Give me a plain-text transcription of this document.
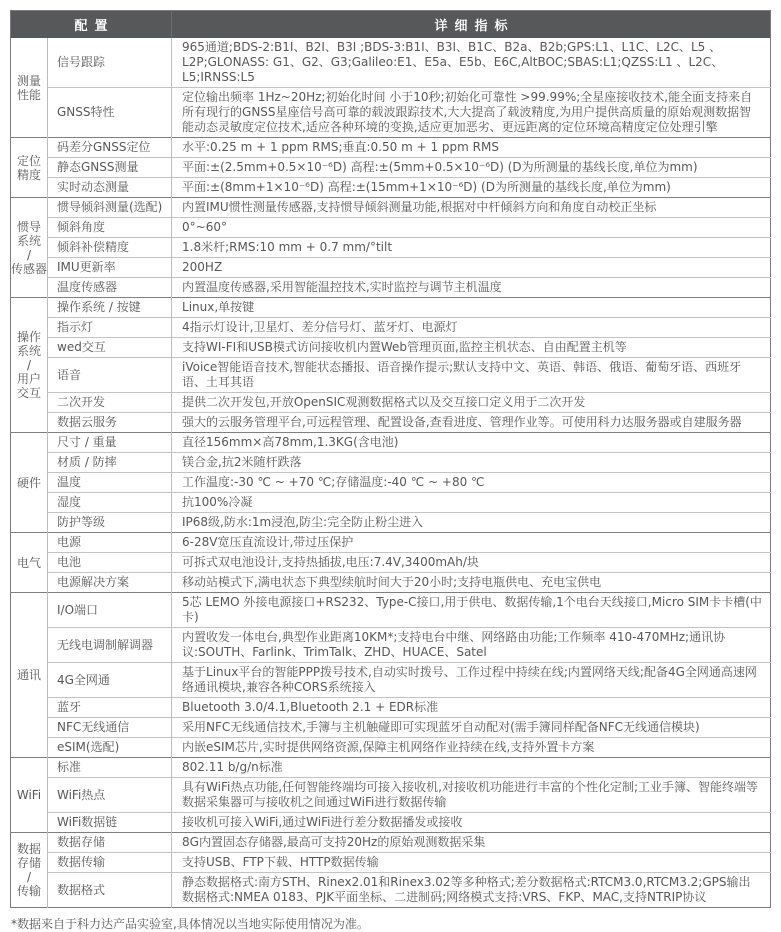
配置		详细指标

测量
性能	信号跟踪	965通道;BDS-2:B1I、B2I、B3I ;BDS-3:B1I、B3I、B1C、B2a、B2b;GPS:L1、L1C、L2C、L5 、L2P;GLONASS: G1、G2、G3;Galileo:E1、E5a、E5b、E6C,AltBOC;SBAS:L1;QZSS:L1 、L2C、L5;IRNSS:L5
	GNSS特性	定位输出频率 1Hz~20Hz;初始化时间 小于10秒;初始化可靠性 >99.99%;全星座接收技术,能全面支持来自所有现行的GNSS星座信号高可靠的载波跟踪技术,大大提高了载波精度,为用户提供高质量的原始观测数据智能动态灵敏度定位技术,适应各种环境的变换,适应更加恶劣、更远距离的定位环境高精度定位处理引擎

定位
精度	码差分GNSS定位	水平:0.25 m + 1 ppm RMS;垂直:0.50 m + 1 ppm RMS
	静态GNSS测量	平面:±(2.5mm+0.5×10⁻⁶D) 高程:±(5mm+0.5×10⁻⁶D) (D为所测量的基线长度,单位为mm)
	实时动态测量	平面:±(8mm+1×10⁻⁶D) 高程:±(15mm+1×10⁻⁶D) (D为所测量的基线长度,单位为mm)

惯导
系统
/
传感器	惯导倾斜测量(选配)	内置IMU惯性测量传感器,支持惯导倾斜测量功能,根据对中杆倾斜方向和角度自动校正坐标
	倾斜角度	0°~60°
	倾斜补偿精度	1.8米杆;RMS:10 mm + 0.7 mm/°tilt
	IMU更新率	200HZ
	温度传感器	内置温度传感器,采用智能温控技术,实时监控与调节主机温度

操作
系统
/
用户
交互	操作系统 / 按键	Linux,单按键
	指示灯	4指示灯设计,卫星灯、差分信号灯、蓝牙灯、电源灯
	wed交互	支持WI-FI和USB模式访问接收机内置Web管理页面,监控主机状态、自由配置主机等
	语音	iVoice智能语音技术,智能状态播报、语音操作提示;默认支持中文、英语、韩语、俄语、葡萄牙语、西班牙语、土耳其语
	二次开发	提供二次开发包,开放OpenSIC观测数据格式以及交互接口定义用于二次开发
	数据云服务	强大的云服务管理平台,可远程管理、配置设备,查看进度、管理作业等。可使用科力达服务器或自建服务器

硬件	尺寸 / 重量	直径156mm×高78mm,1.3KG(含电池)
	材质 / 防摔	镁合金,抗2米随杆跌落
	温度	工作温度:-30 ℃ ~ +70 ℃;存储温度:-40 ℃ ~ +80 ℃
	湿度	抗100%冷凝
	防护等级	IP68级,防水:1m浸泡,防尘:完全防止粉尘进入

电气	电源	6-28V宽压直流设计,带过压保护
	电池	可拆式双电池设计,支持热插拔,电压:7.4V,3400mAh/块
	电源解决方案	移动站模式下,满电状态下典型续航时间大于20小时;支持电瓶供电、充电宝供电

通讯	I/O端口	5芯 LEMO 外接电源接口+RS232、Type-C接口,用于供电、数据传输,1个电台天线接口,Micro SIM卡卡槽(中卡)
	无线电调制解调器	内置收发一体电台,典型作业距离10KM*;支持电台中继、网络路由功能;工作频率 410-470MHz;通讯协议:SOUTH、Farlink、TrimTalk、ZHD、HUACE、Satel
	4G全网通	基于Linux平台的智能PPP拨号技术,自动实时拨号、工作过程中持续在线;内置网络天线;配备4G全网通高速网络通讯模块,兼容各种CORS系统接入
	蓝牙	Bluetooth 3.0/4.1,Bluetooth 2.1 + EDR标准
	NFC无线通信	采用NFC无线通信技术,手簿与主机触碰即可实现蓝牙自动配对(需手簿同样配备NFC无线通信模块)
	eSIM(选配)	内嵌eSIM芯片,实时提供网络资源,保障主机网络作业持续在线,支持外置卡方案

WiFi	标准	802.11 b/g/n标准
	WiFi热点	具有WiFi热点功能,任何智能终端均可接入接收机,对接收机功能进行丰富的个性化定制;工业手簿、智能终端等数据采集器可与接收机之间通过WiFi进行数据传输
	WiFi数据链	接收机可接入WiFi,通过WiFi进行差分数据播发或接收

数据
存储
/
传输	数据存储	8G内置固态存储器,最高可支持20Hz的原始观测数据采集
	数据传输	支持USB、FTP下载、HTTP数据传输
	数据格式	静态数据格式:南方STH、Rinex2.01和Rinex3.02等多种格式;差分数据格式:RTCM3.0,RTCM3.2;GPS输出数据格式:NMEA 0183、PJK平面坐标、二进制码;网络模式支持:VRS、FKP、MAC,支持NTRIP协议

*数据来自于科力达产品实验室,具体情况以当地实际使用情况为准。
